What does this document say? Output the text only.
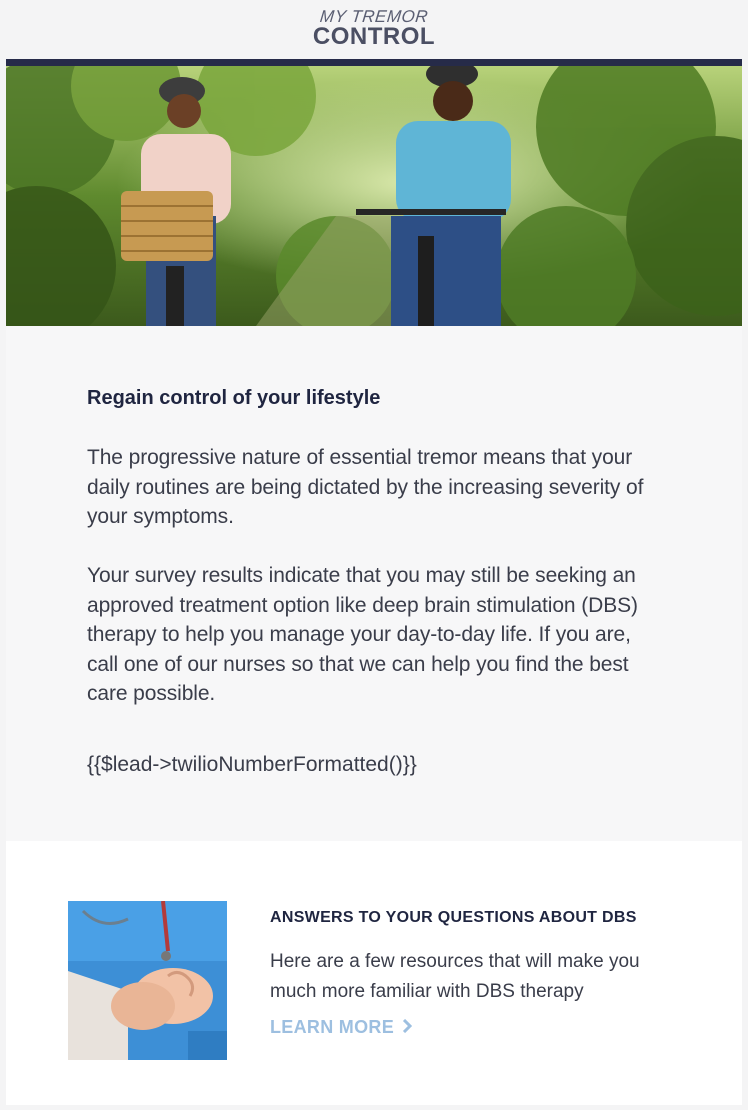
MY TREMOR
CONTROL
Regain control of your lifestyle

The progressive nature of essential tremor means that your daily routines are being dictated by the increasing severity of your symptoms.

Your survey results indicate that you may still be seeking an approved treatment option like deep brain stimulation (DBS) therapy to help you manage your day-to-day life. If you are, call one of our nurses so that we can help you find the best care possible.

{{$lead->twilioNumberFormatted()}}

ANSWERS TO YOUR QUESTIONS ABOUT DBS

Here are a few resources that will make you much more familiar with DBS therapy

LEARN MORE
